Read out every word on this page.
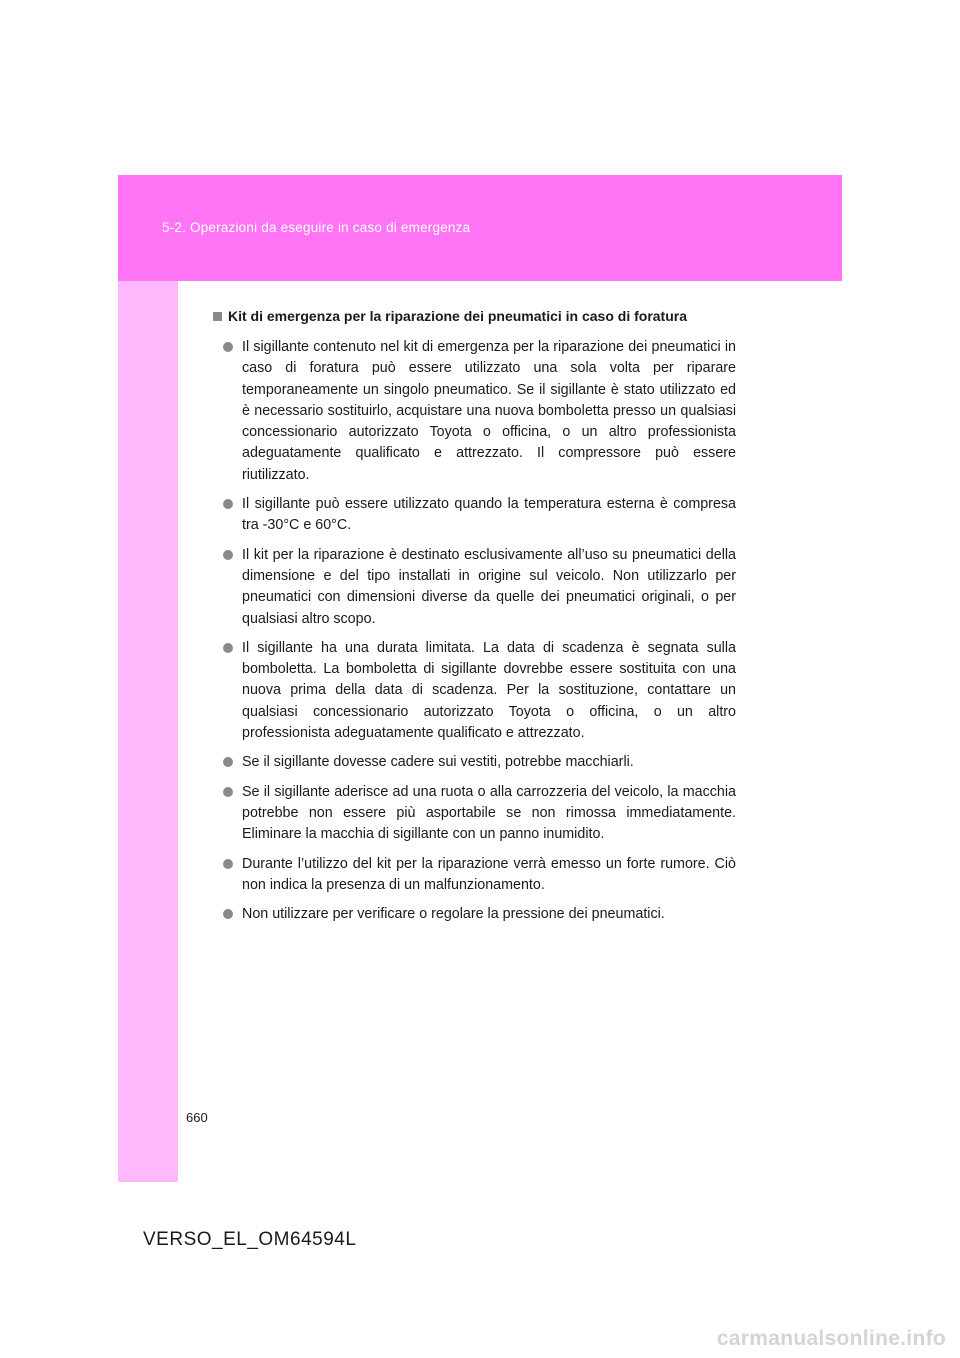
5-2. Operazioni da eseguire in caso di emergenza
Kit di emergenza per la riparazione dei pneumatici in caso di foratura
Il sigillante contenuto nel kit di emergenza per la riparazione dei pneumatici in caso di foratura può essere utilizzato una sola volta per riparare temporaneamente un singolo pneumatico. Se il sigillante è stato utilizzato ed è necessario sostituirlo, acquistare una nuova bomboletta presso un qualsiasi concessionario autorizzato Toyota o officina, o un altro professionista adeguatamente qualificato e attrezzato. Il compressore può essere riutilizzato.
Il sigillante può essere utilizzato quando la temperatura esterna è compresa tra -30°C e 60°C.
Il kit per la riparazione è destinato esclusivamente all’uso su pneumatici della dimensione e del tipo installati in origine sul veicolo. Non utilizzarlo per pneumatici con dimensioni diverse da quelle dei pneumatici originali, o per qualsiasi altro scopo.
Il sigillante ha una durata limitata. La data di scadenza è segnata sulla bomboletta. La bomboletta di sigillante dovrebbe essere sostituita con una nuova prima della data di scadenza. Per la sostituzione, contattare un qualsiasi concessionario autorizzato Toyota o officina, o un altro professionista adeguatamente qualificato e attrezzato.
Se il sigillante dovesse cadere sui vestiti, potrebbe macchiarli.
Se il sigillante aderisce ad una ruota o alla carrozzeria del veicolo, la macchia potrebbe non essere più asportabile se non rimossa immediatamente. Eliminare la macchia di sigillante con un panno inumidito.
Durante l’utilizzo del kit per la riparazione verrà emesso un forte rumore. Ciò non indica la presenza di un malfunzionamento.
Non utilizzare per verificare o regolare la pressione dei pneumatici.
660
VERSO_EL_OM64594L
carmanualsonline.info
